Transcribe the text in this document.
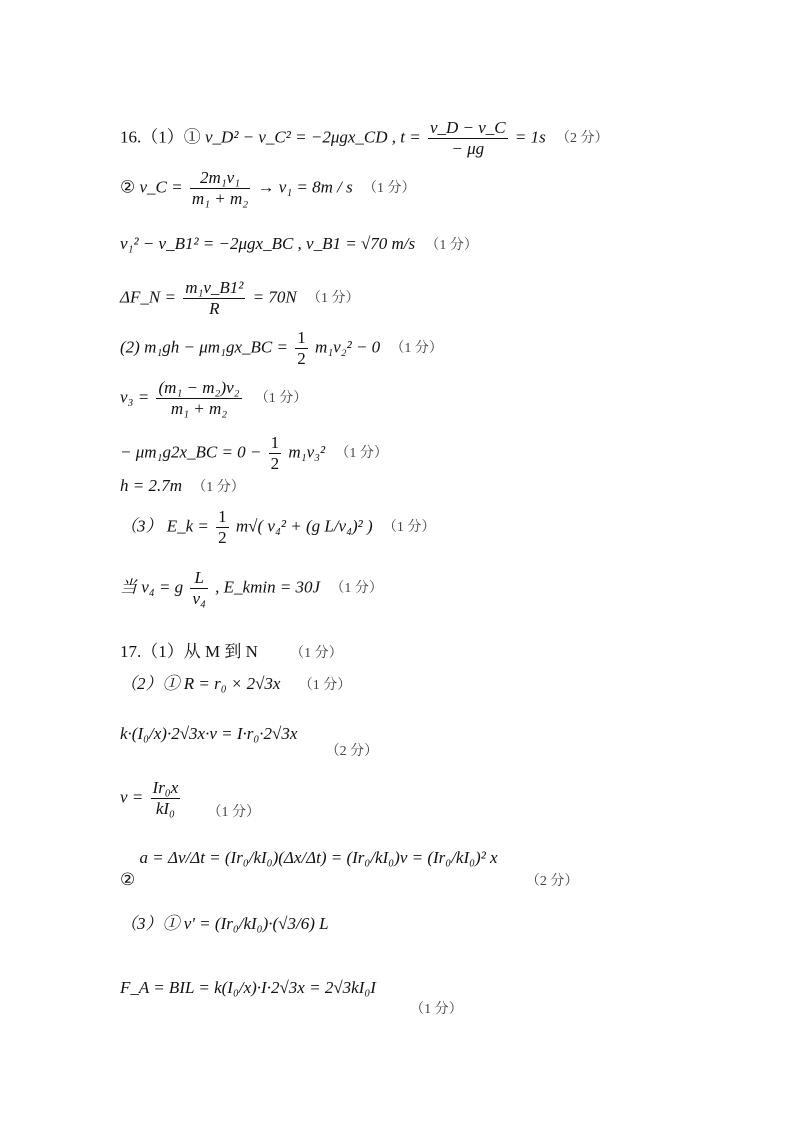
16.（1）① v_D² − v_C² = −2μgx_CD , $t = \frac{v\_D - v\_C}{- \mu g} = 1s$ （2 分）
② v_C = $\frac{\text{2m₁v₁}}{\text{m₁ + m₂}} \to v_1 = 8m / s$ （1 分）
v₁² − v_B1² = −2μgx_BC , v_B1 = √70 m/s （1 分）
ΔF_N = $\frac{\text{m₁v\_B1²}}{R} = 70N$ （1 分）
(2) m₁gh − μm₁gx_BC = $\frac{1}{2} m_1v_2^2 - 0$ （1 分）
$v_3 = \frac{\text{(m₁ − m₂)v₂}}{\text{m₁ + m₂}} (1$ 分）
− μm₁g2x_BC = $0 - \frac{1}{2} m_1v_3^2$ （1 分）
h = 2.7m （1 分）
（3） E_k = $\frac{1}{2} m√$( v₄² + (g L/v₄)² ) （1 分）
当 v₄ = g $\frac{L}{\text{v₄}}$ , E_kmin = 30J （1 分）
17.（1）从 M 到 N （1 分）
（2）① R = r₀ × 2√3x （1 分）
k·(I₀/x)·2√3x·v = I·r₀·2√3x $_{(2 分)}$
$v = \frac{\text{Ir₀x}}{\text{kI₀}} _{(1 分)}$
② a = Δv/Δt = (Ir₀/kI₀)(Δx/Δt) = (Ir₀/kI₀)v = (Ir₀/kI₀)² x $_{(2 分)}$
（3）① v' = (Ir₀/kI₀)·(√3/6) L
F_A = BIL = k(I₀/x)·I·2√3x = 2√3kI₀I $_{(1 分)}$
